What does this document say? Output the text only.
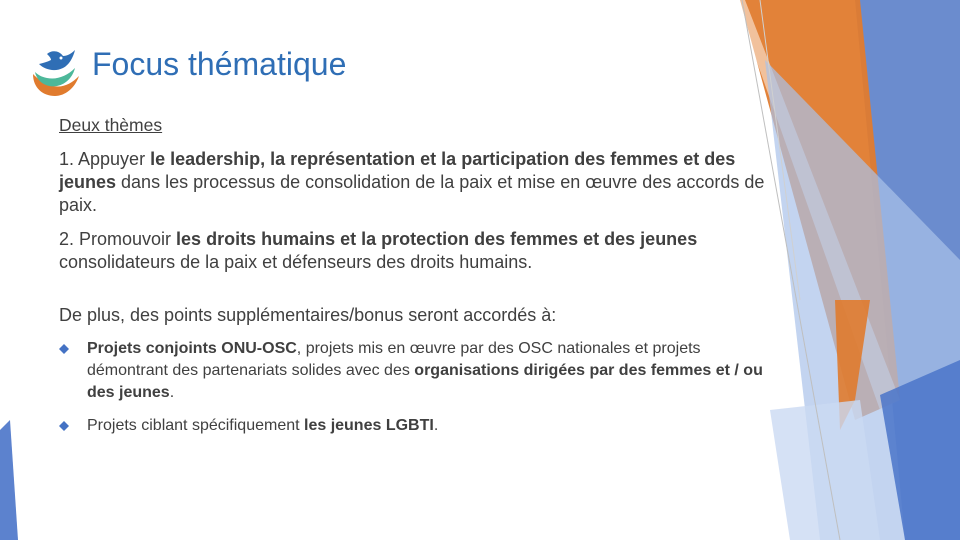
Focus thématique
Deux thèmes

1. Appuyer le leadership, la représentation et la participation des femmes et des jeunes dans les processus de consolidation de la paix et mise en œuvre des accords de paix.

2. Promouvoir les droits humains et la protection des femmes et des jeunes consolidateurs de la paix et défenseurs des droits humains.

De plus, des points supplémentaires/bonus seront accordés à:

Projets conjoints ONU-OSC, projets mis en œuvre par des OSC nationales et projets démontrant des partenariats solides avec des organisations dirigées par des femmes et / ou des jeunes.
Projets ciblant spécifiquement les jeunes LGBTI.
